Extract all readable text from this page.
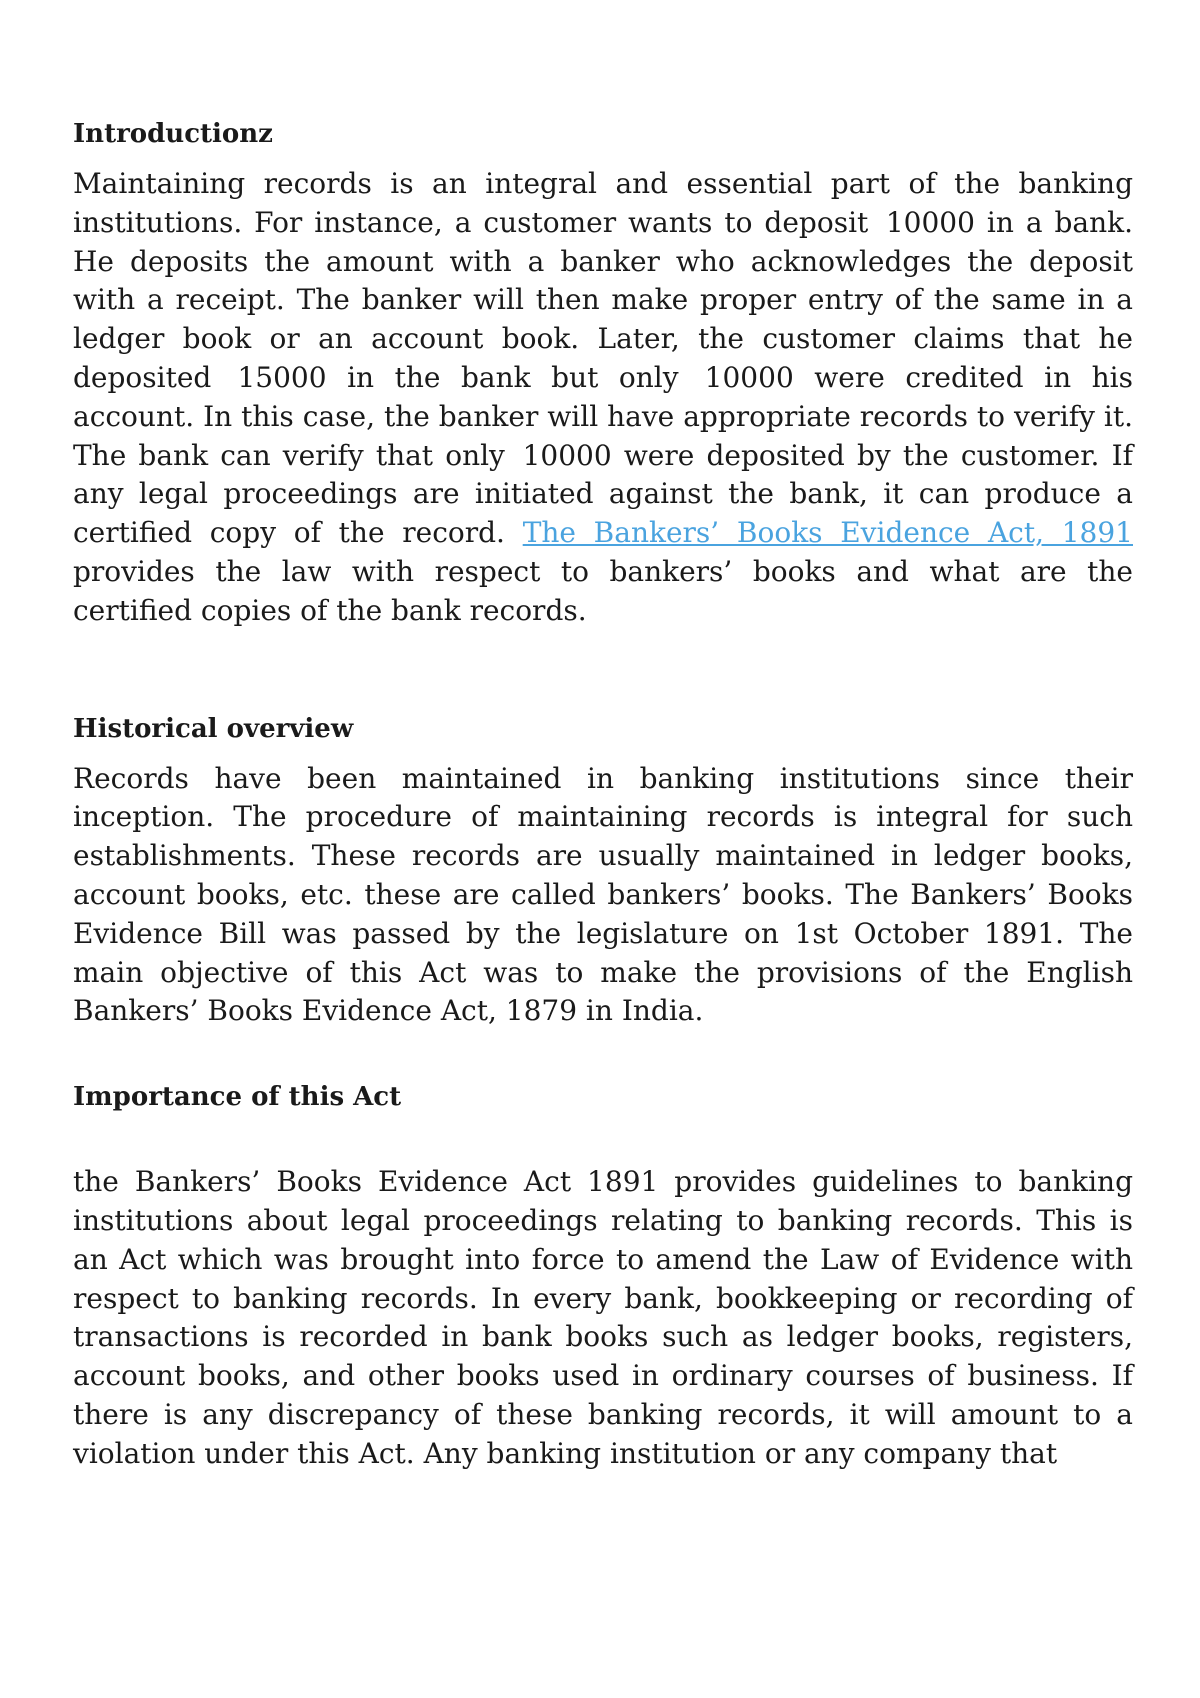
Introductionz

Maintaining records is an integral and essential part of the banking institutions. For instance, a customer wants to deposit  10000 in a bank. He deposits the amount with a banker who acknowledges the deposit with a receipt. The banker will then make proper entry of the same in a ledger book or an account book. Later, the customer claims that he deposited  15000 in the bank but only  10000 were credited in his account. In this case, the banker will have appropriate records to verify it. The bank can verify that only  10000 were deposited by the customer. If any legal proceedings are initiated against the bank, it can produce a certified copy of the record. The Bankers’ Books Evidence Act, 1891 provides the law with respect to bankers’ books and what are the certified copies of the bank records.

Historical overview

Records have been maintained in banking institutions since their inception. The procedure of maintaining records is integral for such establishments. These records are usually maintained in ledger books, account books, etc. these are called bankers’ books. The Bankers’ Books Evidence Bill was passed by the legislature on 1st October 1891. The main objective of this Act was to make the provisions of the English Bankers’ Books Evidence Act, 1879 in India.

Importance of this Act

the Bankers’ Books Evidence Act 1891 provides guidelines to banking institutions about legal proceedings relating to banking records. This is an Act which was brought into force to amend the Law of Evidence with respect to banking records. In every bank, bookkeeping or recording of transactions is recorded in bank books such as ledger books, registers, account books, and other books used in ordinary courses of business. If there is any discrepancy of these banking records, it will amount to a violation under this Act. Any banking institution or any company that
